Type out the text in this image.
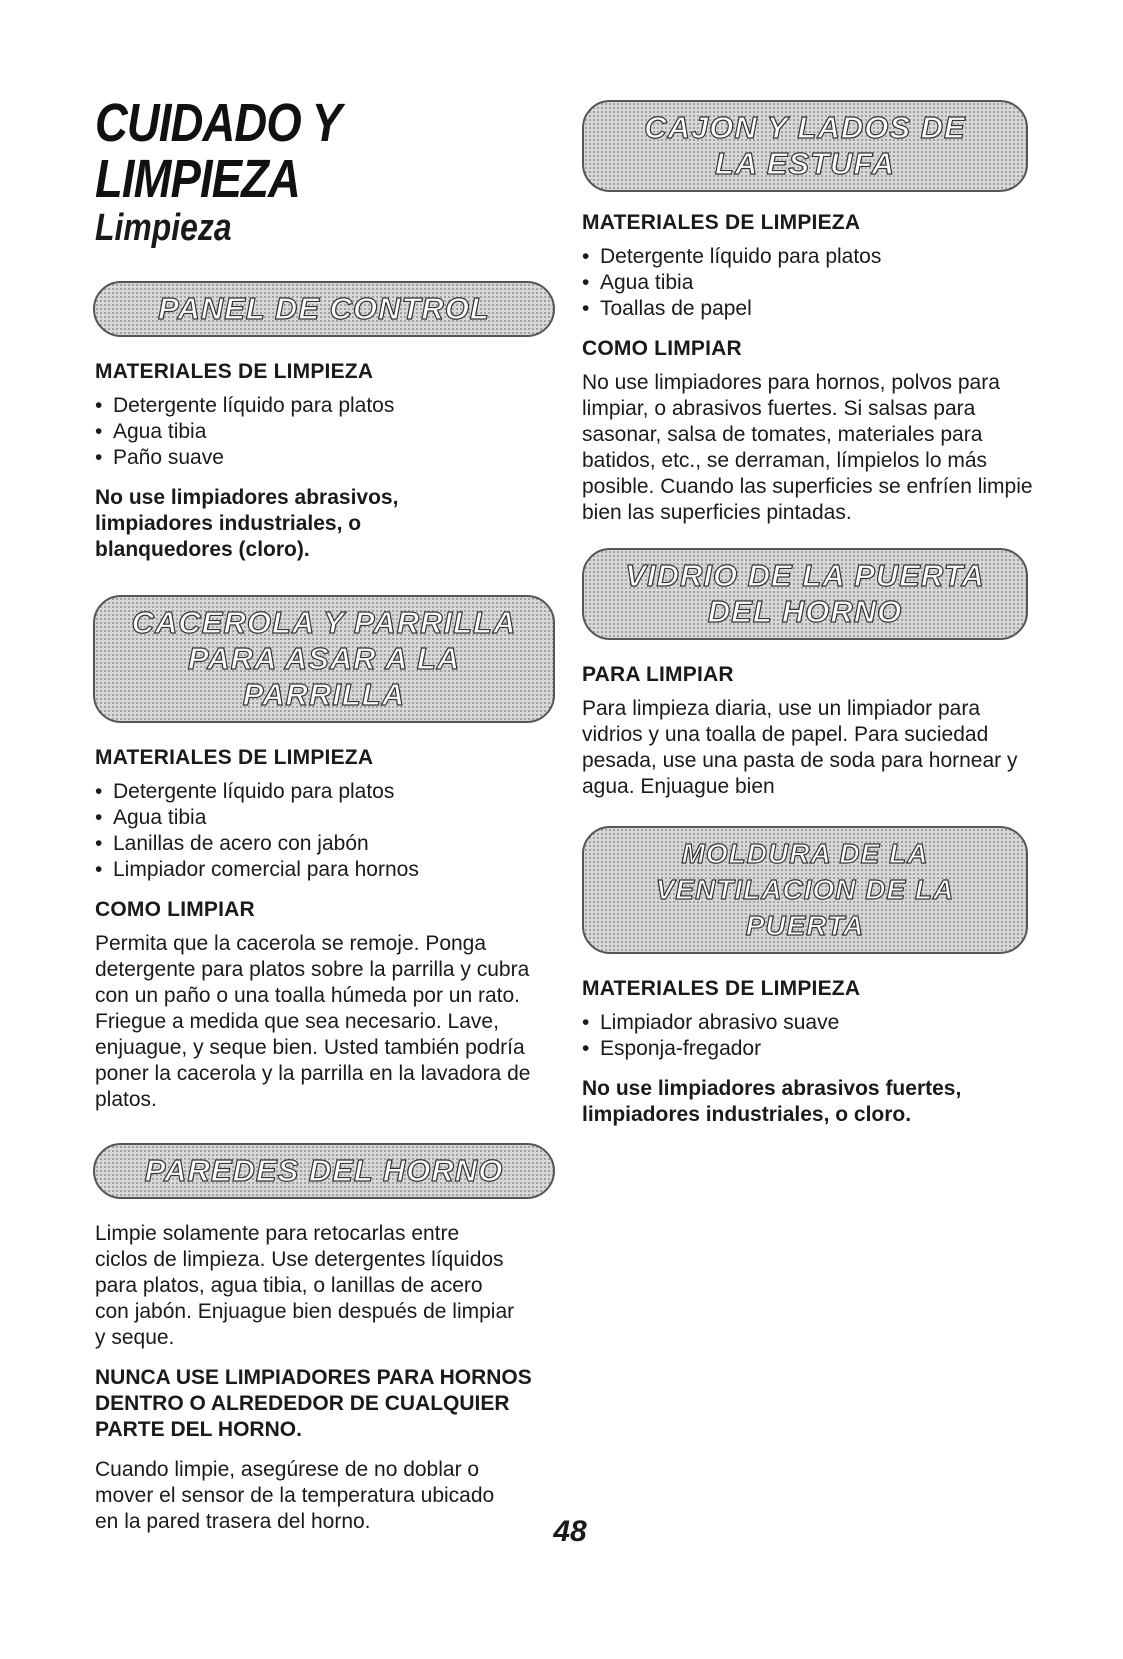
CUIDADO Y LIMPIEZA
Limpieza
PANEL DE CONTROL
MATERIALES DE LIMPIEZA
• Detergente líquido para platos
• Agua tibia
• Paño suave

No use limpiadores abrasivos, limpiadores industriales, o blanquedores (cloro).

CACEROLA Y PARRILLA
PARA ASAR A LA PARRILLA
MATERIALES DE LIMPIEZA
• Detergente líquido para platos
• Agua tibia
• Lanillas de acero con jabón
• Limpiador comercial para hornos
COMO LIMPIAR

Permita que la cacerola se remoje. Ponga detergente para platos sobre la parrilla y cubra con un paño o una toalla húmeda por un rato. Friegue a medida que sea necesario. Lave, enjuague, y seque bien. Usted también podría poner la cacerola y la parrilla en la lavadora de platos.

PAREDES DEL HORNO

Limpie solamente para retocarlas entre ciclos de limpieza. Use detergentes líquidos para platos, agua tibia, o lanillas de acero con jabón. Enjuague bien después de limpiar y seque.

NUNCA USE LIMPIADORES PARA HORNOS DENTRO O ALREDEDOR DE CUALQUIER PARTE DEL HORNO.

Cuando limpie, asegúrese de no doblar o mover el sensor de la temperatura ubicado en la pared trasera del horno.

CAJON Y LADOS DE
LA ESTUFA
MATERIALES DE LIMPIEZA
• Detergente líquido para platos
• Agua tibia
• Toallas de papel
COMO LIMPIAR

No use limpiadores para hornos, polvos para limpiar, o abrasivos fuertes. Si salsas para sasonar, salsa de tomates, materiales para batidos, etc., se derraman, límpielos lo más posible. Cuando las superficies se enfríen limpie bien las superficies pintadas.

VIDRIO DE LA PUERTA
DEL HORNO
PARA LIMPIAR

Para limpieza diaria, use un limpiador para vidrios y una toalla de papel. Para suciedad pesada, use una pasta de soda para hornear y agua. Enjuague bien

MOLDURA DE LA
VENTILACION DE LA PUERTA
MATERIALES DE LIMPIEZA
• Limpiador abrasivo suave
• Esponja-fregador

No use limpiadores abrasivos fuertes, limpiadores industriales, o cloro.

48
